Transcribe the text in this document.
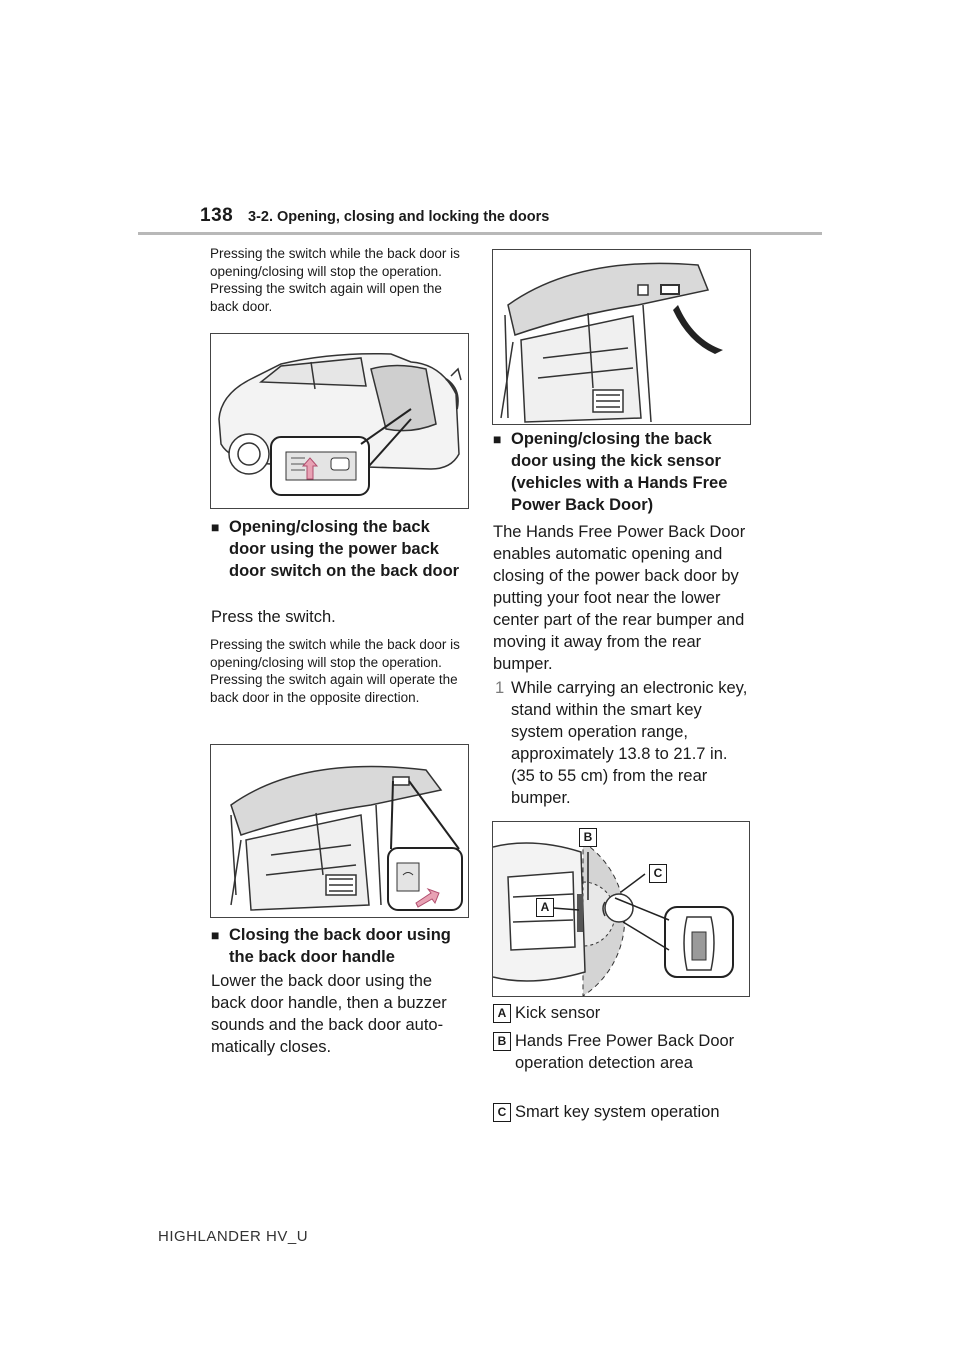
138 3-2. Opening, closing and locking the doors
Pressing the switch while the back door is opening/closing will stop the operation. Pressing the switch again will open the back door.
■ Opening/closing the back door using the power back door switch on the back door
Press the switch.
Pressing the switch while the back door is opening/closing will stop the operation. Pressing the switch again will operate the back door in the opposite direction.
■ Closing the back door using the back door handle
Lower the back door using the back door handle, then a buzzer sounds and the back door auto-matically closes.
■ Opening/closing the back door using the kick sensor (vehicles with a Hands Free Power Back Door)
The Hands Free Power Back Door enables automatic opening and closing of the power back door by putting your foot near the lower center part of the rear bumper and moving it away from the rear bumper.
1 While carrying an electronic key, stand within the smart key system operation range, approximately 13.8 to 21.7 in. (35 to 55 cm) from the rear bumper.
B
C
A
A Kick sensor
B Hands Free Power Back Door operation detection area
C Smart key system operation
HIGHLANDER HV_U
